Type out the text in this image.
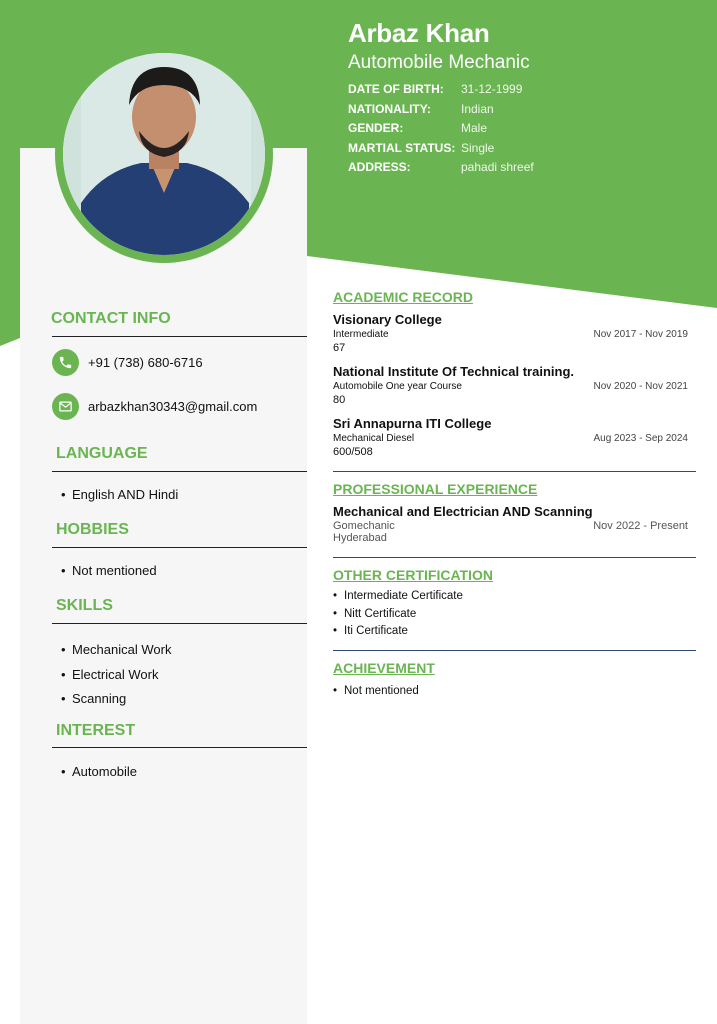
Arbaz Khan
Automobile Mechanic
DATE OF BIRTH:	31-12-1999
NATIONALITY:	Indian
GENDER:	Male
MARTIAL STATUS: Single
ADDRESS:	pahadi shreef
CONTACT INFO
+91 (738) 680-6716
arbazkhan30343@gmail.com
LANGUAGE
• English AND Hindi
HOBBIES
• Not mentioned
SKILLS
• Mechanical Work
• Electrical Work
• Scanning
INTEREST
• Automobile
ACADEMIC RECORD
Visionary College
Intermediate	Nov 2017 - Nov 2019
67
National Institute Of Technical training.
Automobile One year Course	Nov 2020 - Nov 2021
80
Sri Annapurna ITI College
Mechanical Diesel	Aug 2023 - Sep 2024
600/508
PROFESSIONAL EXPERIENCE
Mechanical and Electrician AND Scanning
Gomechanic	Nov 2022 - Present
Hyderabad
OTHER CERTIFICATION
• Intermediate Certificate
• Nitt Certificate
• Iti Certificate
ACHIEVEMENT
• Not mentioned
